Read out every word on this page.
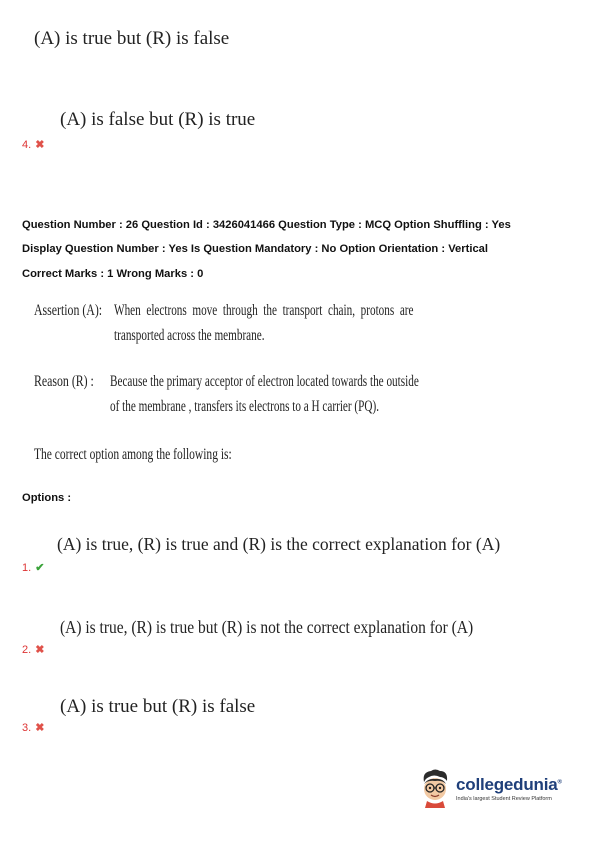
(A) is true but (R) is false
(A) is false but (R) is true
4. ✖
Question Number : 26 Question Id : 3426041466 Question Type : MCQ Option Shuffling : Yes
Display Question Number : Yes Is Question Mandatory : No Option Orientation : Vertical
Correct Marks : 1 Wrong Marks : 0
Assertion (A): When electrons move through the transport chain, protons are
transported across the membrane.
Reason (R) :	Because the primary acceptor of electron located towards the outside
of the membrane , transfers its electrons to a H carrier (PQ).
The correct option among the following is:
Options :
(A) is true, (R) is true and (R) is the correct explanation for (A)
1. ✔
(A) is true, (R) is true but (R) is not the correct explanation for (A)
2. ✖
(A) is true but (R) is false
3. ✖
collegedunia®
India's largest Student Review Platform
